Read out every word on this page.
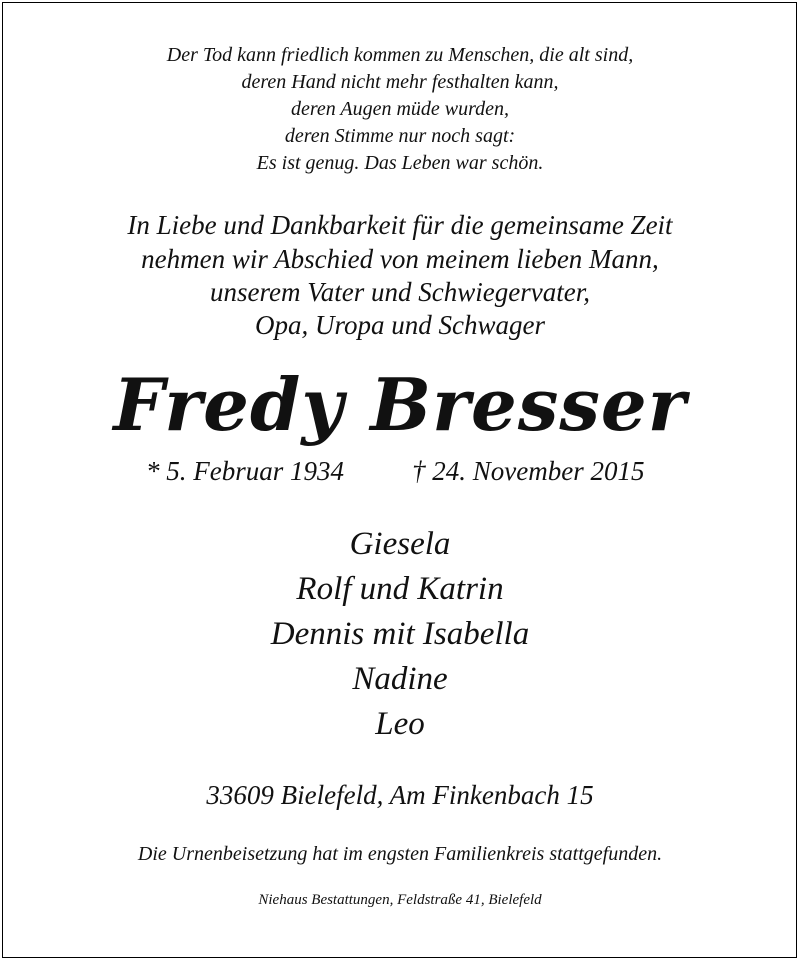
Der Tod kann friedlich kommen zu Menschen, die alt sind,
deren Hand nicht mehr festhalten kann,
deren Augen müde wurden,
deren Stimme nur noch sagt:
Es ist genug. Das Leben war schön.
In Liebe und Dankbarkeit für die gemeinsame Zeit
nehmen wir Abschied von meinem lieben Mann,
unserem Vater und Schwiegervater,
Opa, Uropa und Schwager
Fredy Bresser
* 5. Februar 1934	† 24. November 2015
Giesela
Rolf und Katrin
Dennis mit Isabella
Nadine
Leo
33609 Bielefeld, Am Finkenbach 15
Die Urnenbeisetzung hat im engsten Familienkreis stattgefunden.
Niehaus Bestattungen, Feldstraße 41, Bielefeld
